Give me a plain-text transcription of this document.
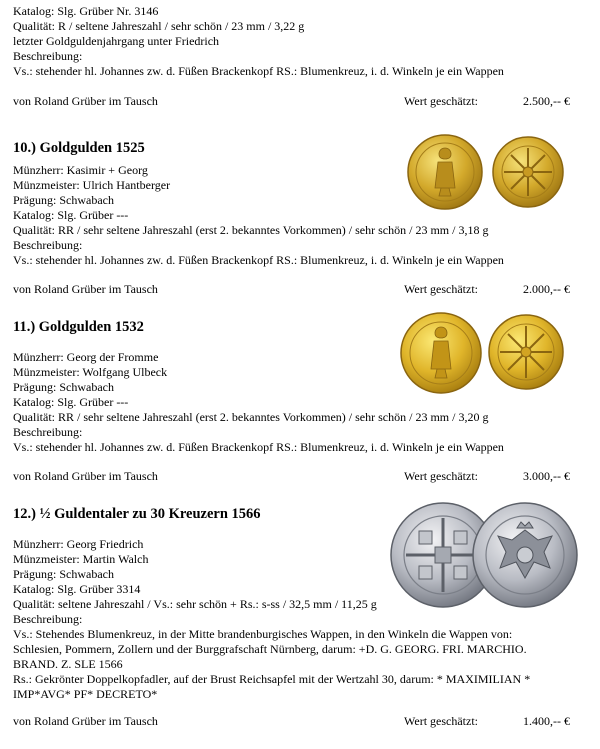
Katalog: Slg. Grüber Nr. 3146
Qualität: R / seltene Jahreszahl / sehr schön / 23 mm / 3,22 g
letzter Goldguldenjahrgang unter Friedrich
Beschreibung:
Vs.: stehender hl. Johannes zw. d. Füßen Brackenkopf RS.: Blumenkreuz, i. d. Winkeln je ein Wappen
von Roland Grüber im Tausch	Wert geschätzt:	2.500,-- €
10.) Goldgulden 1525
Münzherr: Kasimir + Georg
Münzmeister: Ulrich Hantberger
Prägung: Schwabach
Katalog: Slg. Grüber ---
Qualität: RR / sehr seltene Jahreszahl (erst 2. bekanntes Vorkommen) / sehr schön / 23 mm / 3,18 g
Beschreibung:
Vs.: stehender hl. Johannes zw. d. Füßen Brackenkopf RS.: Blumenkreuz, i. d. Winkeln je ein Wappen
von Roland Grüber im Tausch	Wert geschätzt:	2.000,-- €
11.) Goldgulden 1532
Münzherr: Georg der Fromme
Münzmeister: Wolfgang Ulbeck
Prägung: Schwabach
Katalog: Slg. Grüber ---
Qualität: RR / sehr seltene Jahreszahl (erst 2. bekanntes Vorkommen) / sehr schön / 23 mm / 3,20 g
Beschreibung:
Vs.: stehender hl. Johannes zw. d. Füßen Brackenkopf RS.: Blumenkreuz, i. d. Winkeln je ein Wappen
von Roland Grüber im Tausch	Wert geschätzt:	3.000,-- €
12.) ½ Guldentaler zu 30 Kreuzern 1566
Münzherr: Georg Friedrich
Münzmeister: Martin Walch
Prägung: Schwabach
Katalog: Slg. Grüber 3314
Qualität: seltene Jahreszahl / Vs.: sehr schön + Rs.: s-ss / 32,5 mm / 11,25 g
Beschreibung:
Vs.: Stehendes Blumenkreuz, in der Mitte brandenburgisches Wappen, in den Winkeln die Wappen von:
Schlesien, Pommern, Zollern und der Burggrafschaft Nürnberg, darum: +D. G. GEORG. FRI. MARCHIO.
BRAND. Z. SLE 1566
Rs.: Gekrönter Doppelkopfadler, auf der Brust Reichsapfel mit der Wertzahl 30, darum: * MAXIMILIAN *
IMP*AVG* PF* DECRETO*
von Roland Grüber im Tausch	Wert geschätzt:	1.400,-- €
